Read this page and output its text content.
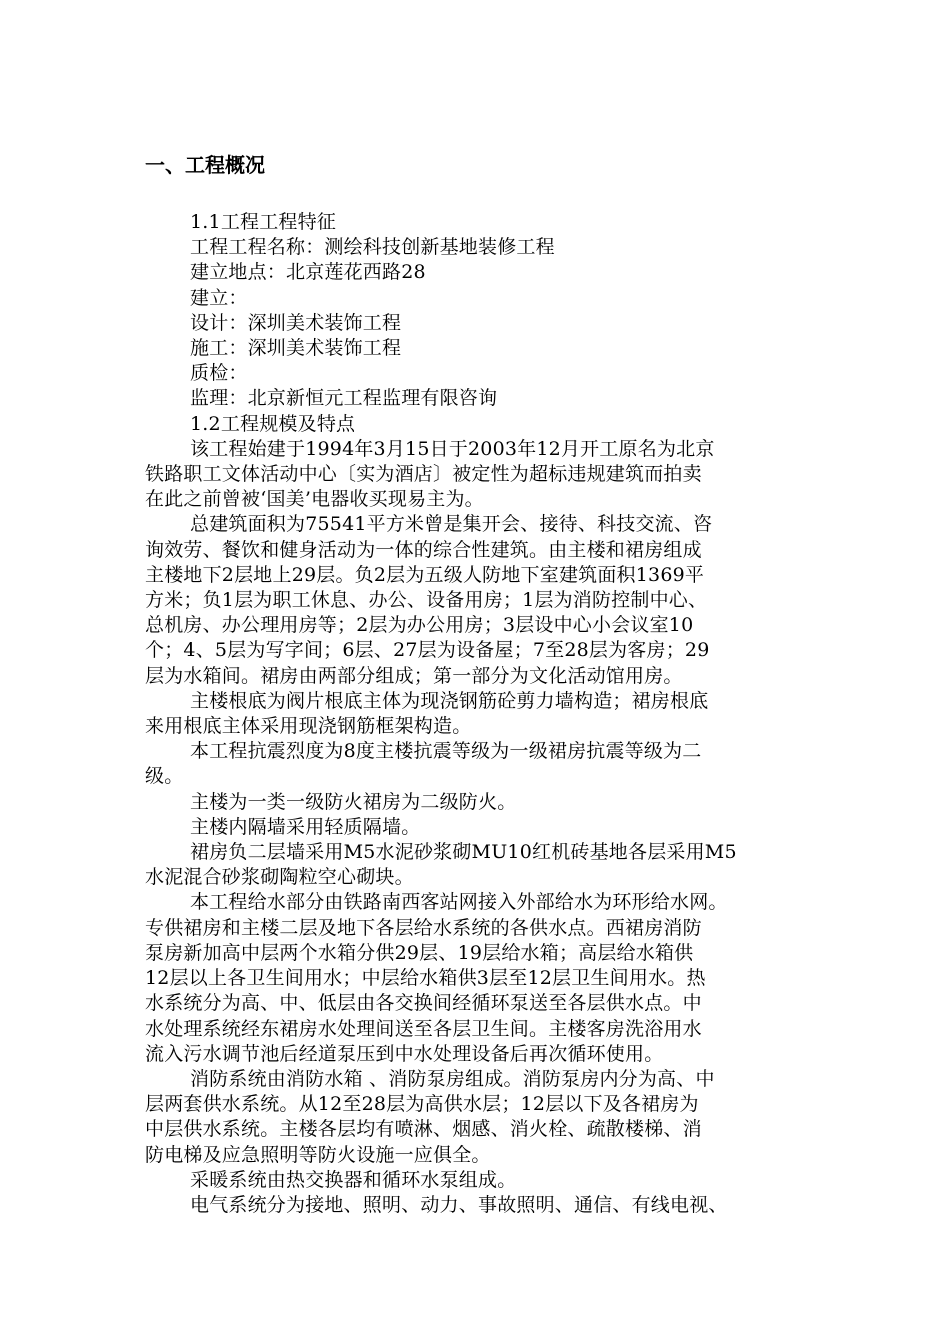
一、工程概况
1.1工程工程特征
工程工程名称：测绘科技创新基地装修工程
建立地点：北京莲花西路28
建立：
设计：深圳美术装饰工程
施工：深圳美术装饰工程
质检：
监理：北京新恒元工程监理有限咨询
1.2工程规模及特点
该工程始建于1994年3月15日于2003年12月开工原名为北京
铁路职工文体活动中心〔实为酒店〕被定性为超标违规建筑而拍卖
在此之前曾被‘国美’电器收买现易主为。
总建筑面积为75541平方米曾是集开会、接待、科技交流、咨
询效劳、餐饮和健身活动为一体的综合性建筑。由主楼和裙房组成
主楼地下2层地上29层。负2层为五级人防地下室建筑面积1369平
方米；负1层为职工休息、办公、设备用房；1层为消防控制中心、
总机房、办公理用房等；2层为办公用房；3层设中心小会议室10
个；4、5层为写字间；6层、27层为设备屋；7至28层为客房；29
层为水箱间。裙房由两部分组成；第一部分为文化活动馆用房。
主楼根底为阀片根底主体为现浇钢筋砼剪力墙构造；裙房根底
来用根底主体采用现浇钢筋框架构造。
本工程抗震烈度为8度主楼抗震等级为一级裙房抗震等级为二
级。
主楼为一类一级防火裙房为二级防火。
主楼内隔墙采用轻质隔墙。
裙房负二层墙采用M5水泥砂浆砌MU10红机砖基地各层采用M5
水泥混合砂浆砌陶粒空心砌块。
本工程给水部分由铁路南西客站网接入外部给水为环形给水网。
专供裙房和主楼二层及地下各层给水系统的各供水点。西裙房消防
泵房新加高中层两个水箱分供29层、19层给水箱；高层给水箱供
12层以上各卫生间用水；中层给水箱供3层至12层卫生间用水。热
水系统分为高、中、低层由各交换间经循环泵送至各层供水点。中
水处理系统经东裙房水处理间送至各层卫生间。主楼客房洗浴用水
流入污水调节池后经道泵压到中水处理设备后再次循环使用。
消防系统由消防水箱 、消防泵房组成。消防泵房内分为高、中
层两套供水系统。从12至28层为高供水层；12层以下及各裙房为
中层供水系统。主楼各层均有喷淋、烟感、消火栓、疏散楼梯、消
防电梯及应急照明等防火设施一应俱全。
采暖系统由热交换器和循环水泵组成。
电气系统分为接地、照明、动力、事故照明、通信、有线电视、
